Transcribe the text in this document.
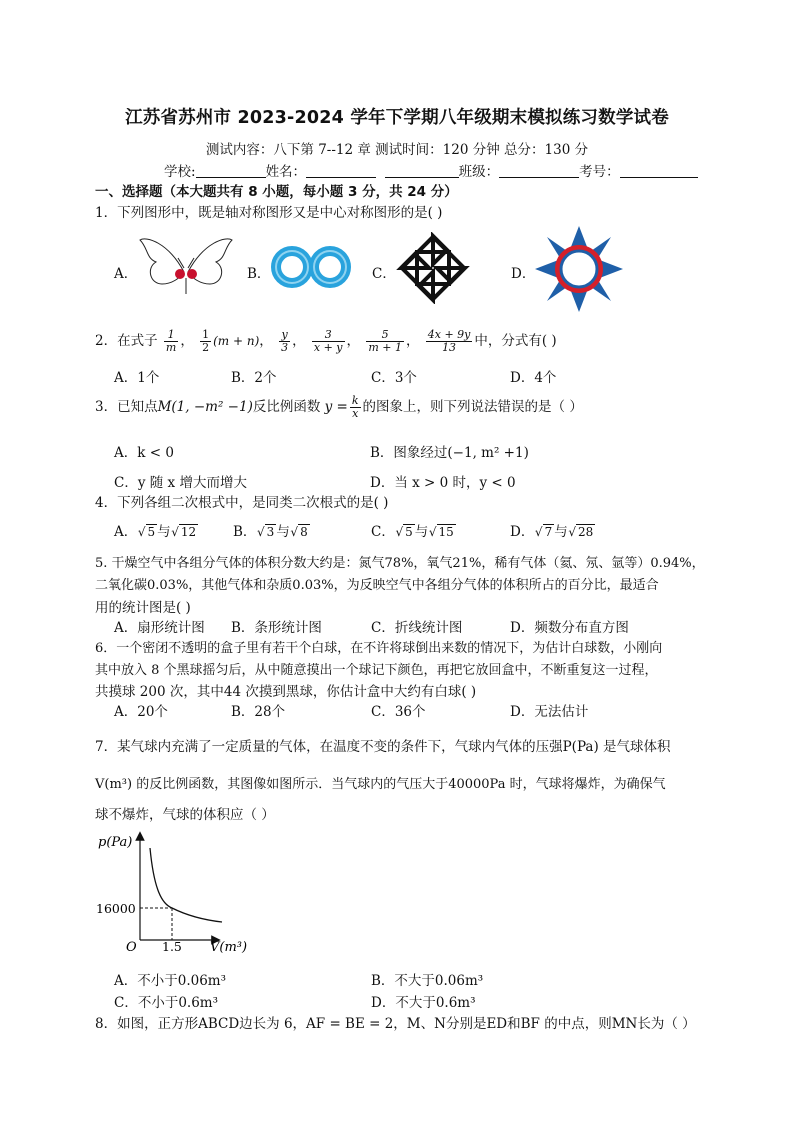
江苏省苏州市 2023-2024 学年下学期八年级期末模拟练习数学试卷
测试内容：八下第 7--12 章 测试时间：120 分钟 总分：130 分
学校:	姓名：	班级：	考号：
一、选择题（本大题共有 8 小题，每小题 3 分，共 24 分）
1．下列图形中，既是轴对称图形又是中心对称图形的是( )
A．	B．	C．	D．
2．在式子 $\frac{1}{m}$ ， $\frac{1}{2} (m + n)$， $\frac{y}{3}$ ， $\frac{3}{x + y}$ ， $\frac{5}{m + 1}$ ， $\frac{4x + 9y}{13}$ 中，分式有( )
A．1个	B．2个	C．3个	D．4个
3．已知点M(1, −m² −1)反比例函数 $y = \frac{k}{x}$ 的图象上，则下列说法错误的是（ ）
A．k < 0	B．图象经过(−1, m² +1)
C．y 随 x 增大而增大	D．当 x > 0 时，y < 0
4．下列各组二次根式中，是同类二次根式的是( )
A． √ 5 与 √ 12	B． √ 3 与 √ 8	C． √ 5 与 √ 15	D． √ 7 与 √ 28
5. 干燥空气中各组分气体的体积分数大约是：氮气78%，氧气21%，稀有气体（氦、氖、氩等）0.94%，
二氧化碳0.03%，其他气体和杂质0.03%，为反映空气中各组分气体的体积所占的百分比，最适合
用的统计图是( )
A．扇形统计图 B．条形统计图	C．折线统计图	D．频数分布直方图
6．一个密闭不透明的盒子里有若干个白球，在不许将球倒出来数的情况下，为估计白球数，小刚向
其中放入 8 个黑球摇匀后，从中随意摸出一个球记下颜色，再把它放回盒中，不断重复这一过程，
共摸球 200 次，其中44 次摸到黑球，你估计盒中大约有白球( )
A．20个	B．28个	C．36个	D．无法估计
7．某气球内充满了一定质量的气体，在温度不变的条件下，气球内气体的压强P(Pa) 是气球体积
V(m³) 的反比例函数，其图像如图所示．当气球内的气压大于40000Pa 时，气球将爆炸，为确保气
球不爆炸，气球的体积应（ ）
p(Pa)
16000
O 1.5 V(m³)
A．不小于0.06m³	B．不大于0.06m³
C．不小于0.6m³	D．不大于0.6m³
8．如图，正方形ABCD边长为 6，AF = BE = 2，M、N分别是ED和BF 的中点，则MN长为（ ）
